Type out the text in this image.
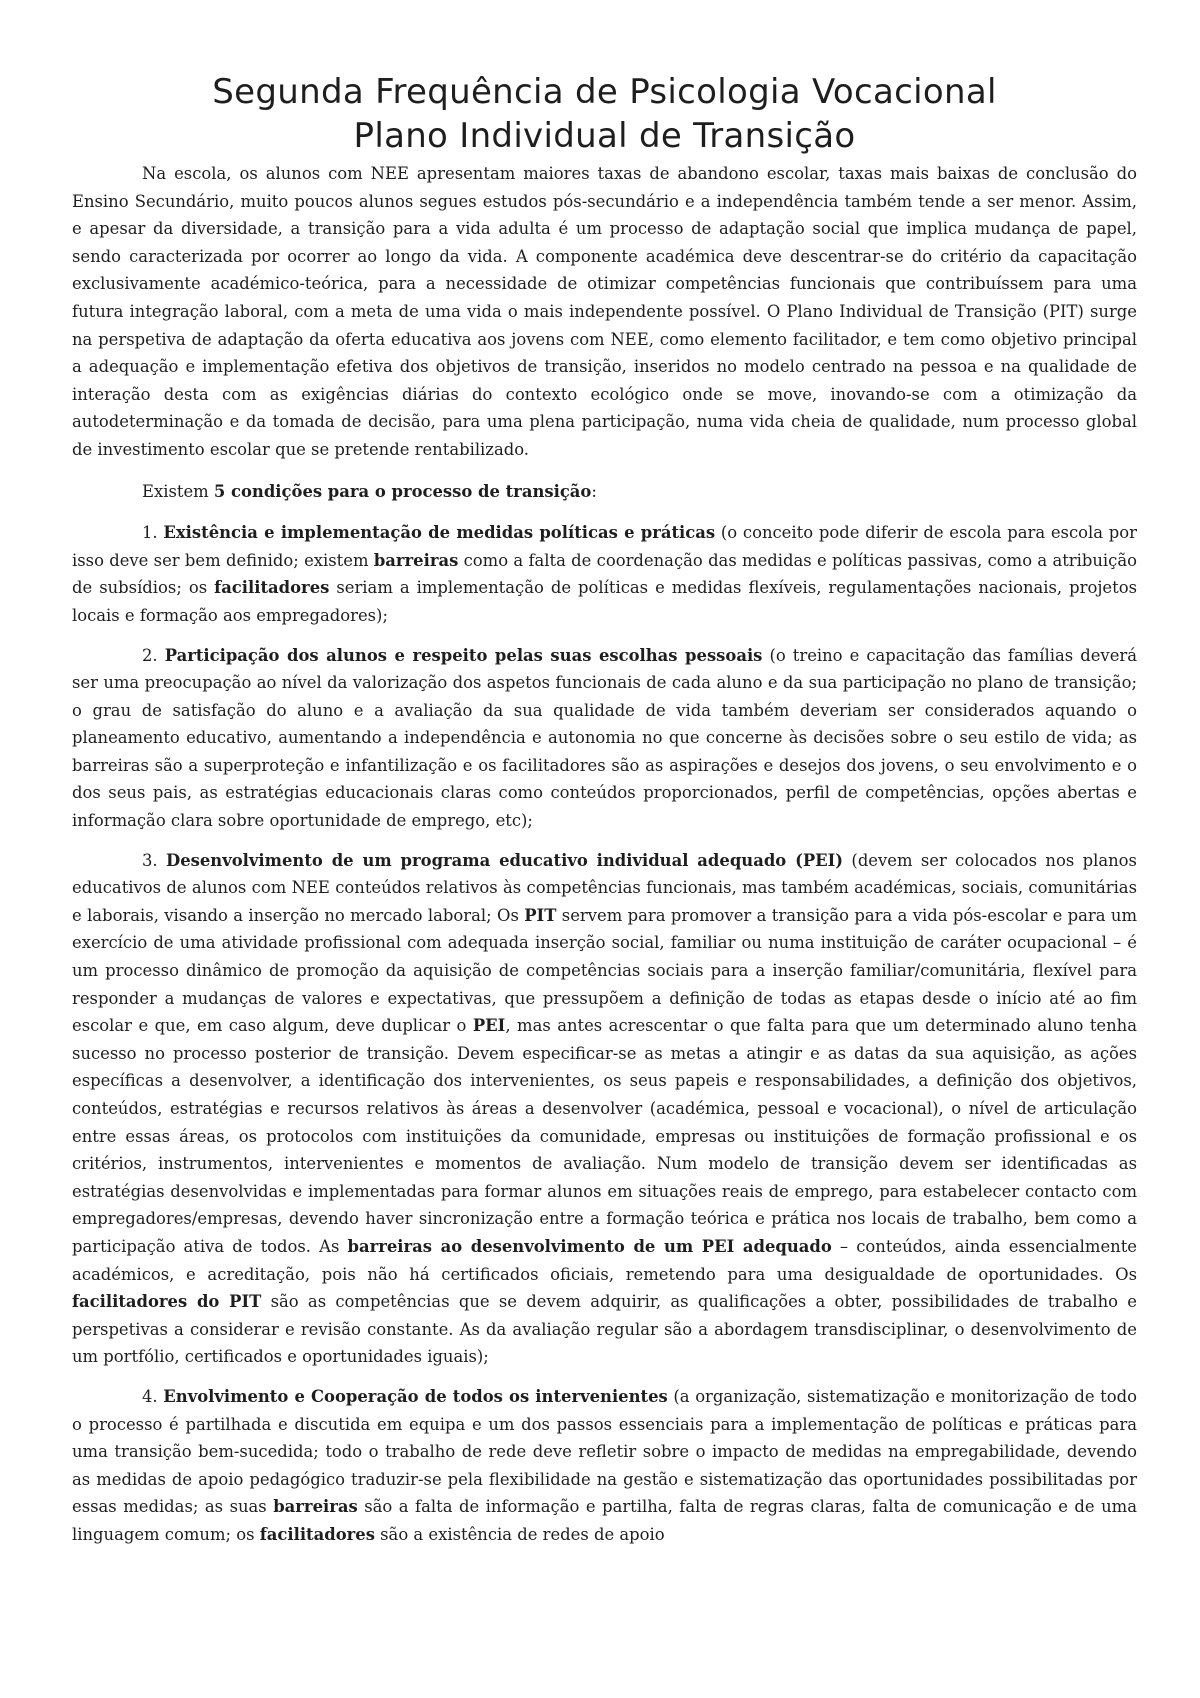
Segunda Frequência de Psicologia Vocacional
Plano Individual de Transição

Na escola, os alunos com NEE apresentam maiores taxas de abandono escolar, taxas mais baixas de conclusão do Ensino Secundário, muito poucos alunos segues estudos pós-secundário e a independência também tende a ser menor. Assim, e apesar da diversidade, a transição para a vida adulta é um processo de adaptação social que implica mudança de papel, sendo caracterizada por ocorrer ao longo da vida. A componente académica deve descentrar-se do critério da capacitação exclusivamente académico-teórica, para a necessidade de otimizar competências funcionais que contribuíssem para uma futura integração laboral, com a meta de uma vida o mais independente possível. O Plano Individual de Transição (PIT) surge na perspetiva de adaptação da oferta educativa aos jovens com NEE, como elemento facilitador, e tem como objetivo principal a adequação e implementação efetiva dos objetivos de transição, inseridos no modelo centrado na pessoa e na qualidade de interação desta com as exigências diárias do contexto ecológico onde se move, inovando-se com a otimização da autodeterminação e da tomada de decisão, para uma plena participação, numa vida cheia de qualidade, num processo global de investimento escolar que se pretende rentabilizado.

Existem 5 condições para o processo de transição:

1. Existência e implementação de medidas políticas e práticas (o conceito pode diferir de escola para escola por isso deve ser bem definido; existem barreiras como a falta de coordenação das medidas e políticas passivas, como a atribuição de subsídios; os facilitadores seriam a implementação de políticas e medidas flexíveis, regulamentações nacionais, projetos locais e formação aos empregadores);

2. Participação dos alunos e respeito pelas suas escolhas pessoais (o treino e capacitação das famílias deverá ser uma preocupação ao nível da valorização dos aspetos funcionais de cada aluno e da sua participação no plano de transição; o grau de satisfação do aluno e a avaliação da sua qualidade de vida também deveriam ser considerados aquando o planeamento educativo, aumentando a independência e autonomia no que concerne às decisões sobre o seu estilo de vida; as barreiras são a superproteção e infantilização e os facilitadores são as aspirações e desejos dos jovens, o seu envolvimento e o dos seus pais, as estratégias educacionais claras como conteúdos proporcionados, perfil de competências, opções abertas e informação clara sobre oportunidade de emprego, etc);

3. Desenvolvimento de um programa educativo individual adequado (PEI) (devem ser colocados nos planos educativos de alunos com NEE conteúdos relativos às competências funcionais, mas também académicas, sociais, comunitárias e laborais, visando a inserção no mercado laboral; Os PIT servem para promover a transição para a vida pós-escolar e para um exercício de uma atividade profissional com adequada inserção social, familiar ou numa instituição de caráter ocupacional – é um processo dinâmico de promoção da aquisição de competências sociais para a inserção familiar/comunitária, flexível para responder a mudanças de valores e expectativas, que pressupõem a definição de todas as etapas desde o início até ao fim escolar e que, em caso algum, deve duplicar o PEI, mas antes acrescentar o que falta para que um determinado aluno tenha sucesso no processo posterior de transição. Devem especificar-se as metas a atingir e as datas da sua aquisição, as ações específicas a desenvolver, a identificação dos intervenientes, os seus papeis e responsabilidades, a definição dos objetivos, conteúdos, estratégias e recursos relativos às áreas a desenvolver (académica, pessoal e vocacional), o nível de articulação entre essas áreas, os protocolos com instituições da comunidade, empresas ou instituições de formação profissional e os critérios, instrumentos, intervenientes e momentos de avaliação. Num modelo de transição devem ser identificadas as estratégias desenvolvidas e implementadas para formar alunos em situações reais de emprego, para estabelecer contacto com empregadores/empresas, devendo haver sincronização entre a formação teórica e prática nos locais de trabalho, bem como a participação ativa de todos. As barreiras ao desenvolvimento de um PEI adequado – conteúdos, ainda essencialmente académicos, e acreditação, pois não há certificados oficiais, remetendo para uma desigualdade de oportunidades. Os facilitadores do PIT são as competências que se devem adquirir, as qualificações a obter, possibilidades de trabalho e perspetivas a considerar e revisão constante. As da avaliação regular são a abordagem transdisciplinar, o desenvolvimento de um portfólio, certificados e oportunidades iguais);

4. Envolvimento e Cooperação de todos os intervenientes (a organização, sistematização e monitorização de todo o processo é partilhada e discutida em equipa e um dos passos essenciais para a implementação de políticas e práticas para uma transição bem-sucedida; todo o trabalho de rede deve refletir sobre o impacto de medidas na empregabilidade, devendo as medidas de apoio pedagógico traduzir-se pela flexibilidade na gestão e sistematização das oportunidades possibilitadas por essas medidas; as suas barreiras são a falta de informação e partilha, falta de regras claras, falta de comunicação e de uma linguagem comum; os facilitadores são a existência de redes de apoio
